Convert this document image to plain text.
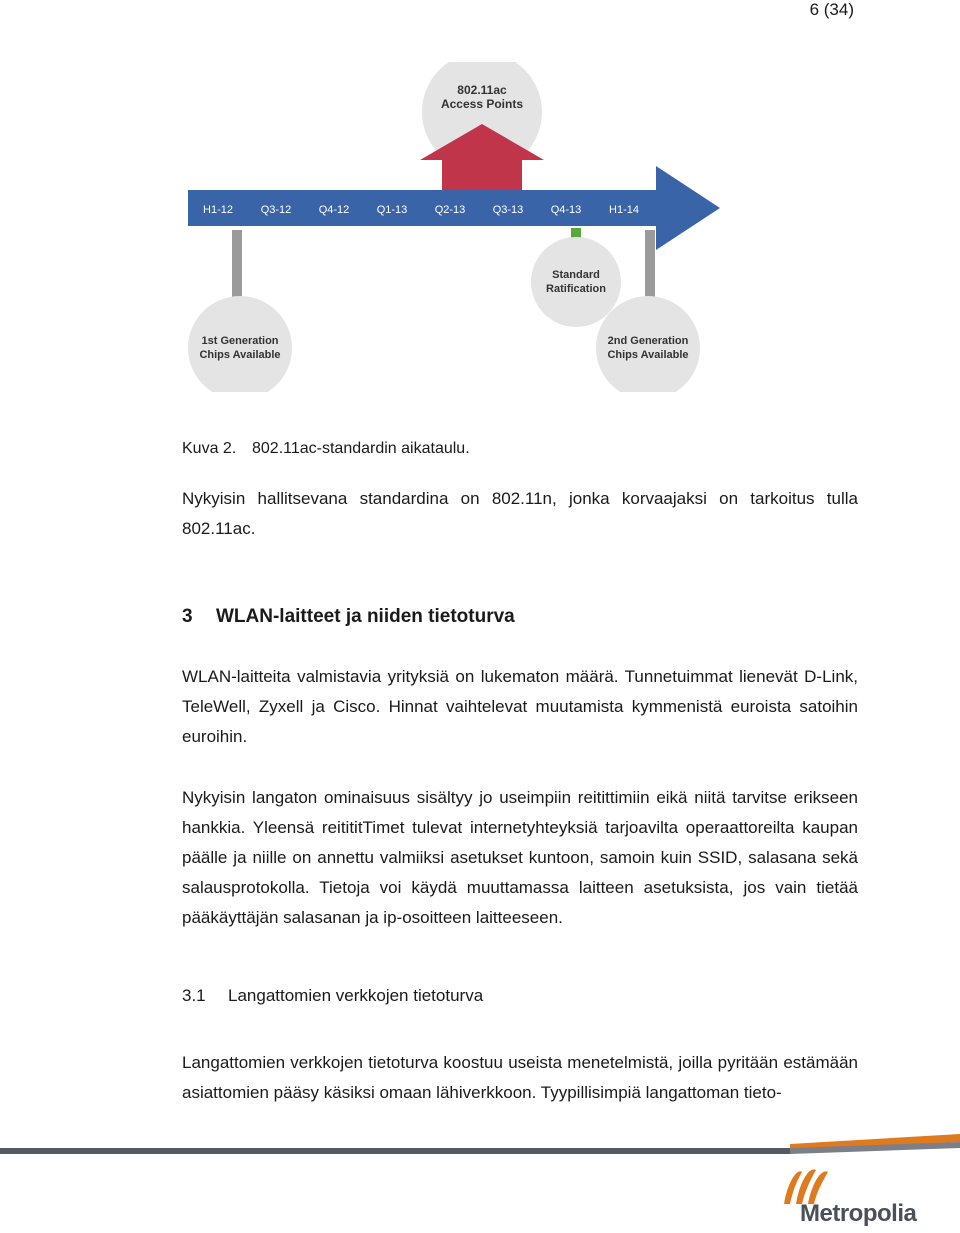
6 (34)
802.11ac
Access Points
H1-12	Q3-12 Q4-12 Q1-13 Q2-13 Q3-13 Q4-13	H1-14
1st Generation
Chips Available
Standard
Ratification
2nd Generation
Chips Available
Kuva 2. 802.11ac-standardin aikataulu.

Nykyisin hallitsevana standardina on 802.11n, jonka korvaajaksi on tarkoitus tulla 802.11ac.

3 WLAN-laitteet ja niiden tietoturva

WLAN-laitteita valmistavia yrityksiä on lukematon määrä. Tunnetuimmat lienevät D-Link, TeleWell, Zyxell ja Cisco. Hinnat vaihtelevat muutamista kymmenistä euroista satoihin euroihin.

Nykyisin langaton ominaisuus sisältyy jo useimpiin reitittimiin eikä niitä tarvitse erikseen hankkia. Yleensä reitititTimet tulevat internetyhteyksiä tarjoavilta operaattoreilta kaupan päälle ja niille on annettu valmiiksi asetukset kuntoon, samoin kuin SSID, salasana sekä salausprotokolla. Tietoja voi käydä muuttamassa laitteen asetuksista, jos vain tietää pääkäyttäjän salasanan ja ip-osoitteen laitteeseen.

3.1 Langattomien verkkojen tietoturva

Langattomien verkkojen tietoturva koostuu useista menetelmistä, joilla pyritään estämään asiattomien pääsy käsiksi omaan lähiverkkoon. Tyypillisimpiä langattoman tieto-

Metropolia
